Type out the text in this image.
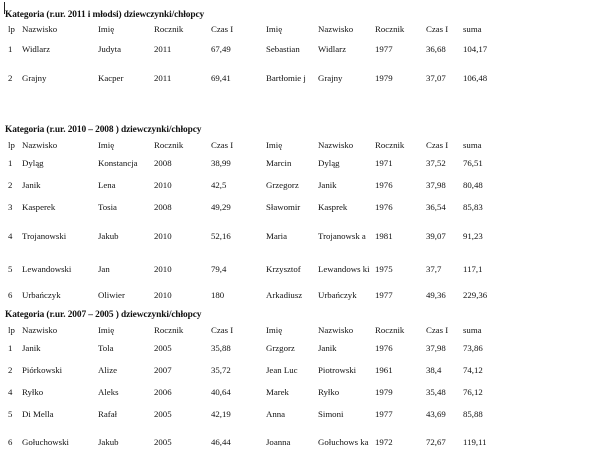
Kategoria (r.ur. 2011 i młodsi) dziewczynki/chłopcy
lp	Nazwisko	Imię	Rocznik	Czas I	Imię	Nazwisko	Rocznik	Czas I	suma
1	Widlarz	Judyta	2011	67,49	Sebastian	Widlarz	1977	36,68	104,17
2	Grajny	Kacper	2011	69,41	Bartłomie j	Grajny	1979	37,07	106,48
Kategoria (r.ur. 2010 – 2008 ) dziewczynki/chłopcy
lp	Nazwisko	Imię	Rocznik	Czas I	Imię	Nazwisko	Rocznik	Czas I	suma
1	Dyląg	Konstancja	2008	38,99	Marcin	Dyląg	1971	37,52	76,51
2	Janik	Lena	2010	42,5	Grzegorz	Janik	1976	37,98	80,48
3	Kasperek	Tosia	2008	49,29	Sławomir	Kasprek	1976	36,54	85,83
4	Trojanowski	Jakub	2010	52,16	Maria	Trojanowsk a	1981	39,07	91,23
5	Lewandowski	Jan	2010	79,4	Krzysztof	Lewandows ki	1975	37,7	117,1
6	Urbańczyk	Oliwier	2010	180	Arkadiusz	Urbańczyk	1977	49,36	229,36
Kategoria (r.ur. 2007 – 2005 ) dziewczynki/chłopcy
lp	Nazwisko	Imię	Rocznik	Czas I	Imię	Nazwisko	Rocznik	Czas I	suma
1	Janik	Tola	2005	35,88	Grzgorz	Janik	1976	37,98	73,86
2	Piórkowski	Alize	2007	35,72	Jean Luc	Piotrowski	1961	38,4	74,12
4	Ryłko	Aleks	2006	40,64	Marek	Ryłko	1979	35,48	76,12
5	Di Mella	Rafał	2005	42,19	Anna	Simoni	1977	43,69	85,88
6	Gołuchowski	Jakub	2005	46,44	Joanna	Gołuchows ka	1972	72,67	119,11
